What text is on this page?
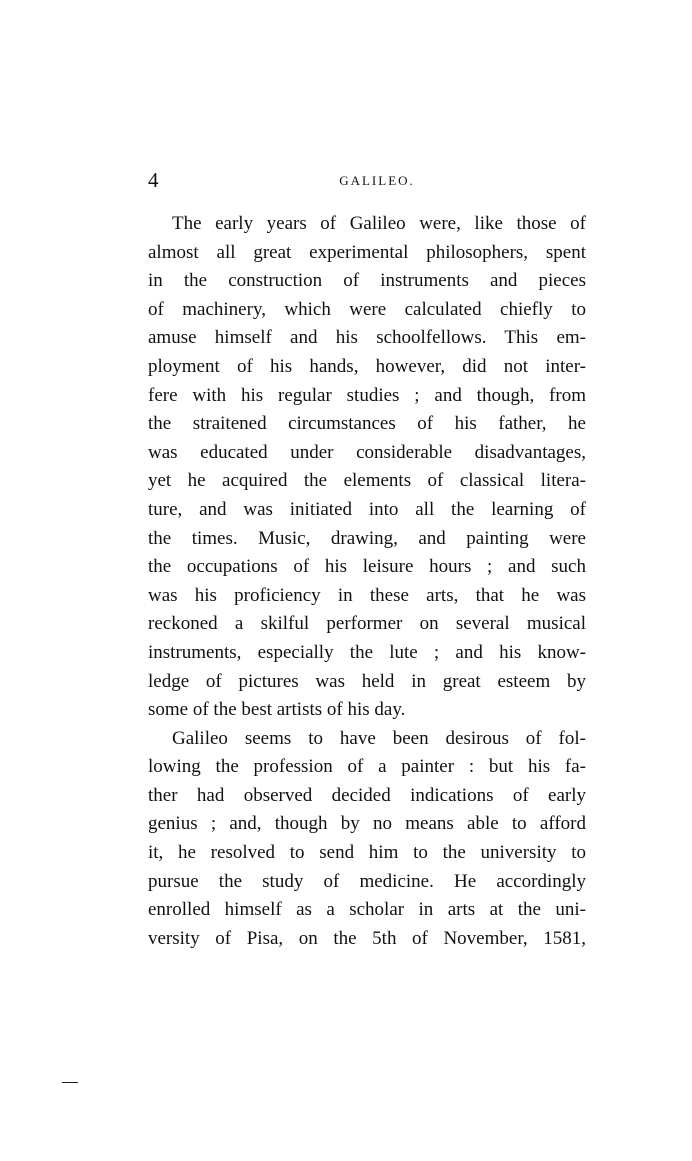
4	GALILEO.
The early years of Galileo were, like those of
almost all great experimental philosophers, spent
in the construction of instruments and pieces
of machinery, which were calculated chiefly to
amuse himself and his schoolfellows. This em-
ployment of his hands, however, did not inter-
fere with his regular studies ; and though, from
the straitened circumstances of his father, he
was educated under considerable disadvantages,
yet he acquired the elements of classical litera-
ture, and was initiated into all the learning of
the times. Music, drawing, and painting were
the occupations of his leisure hours ; and such
was his proficiency in these arts, that he was
reckoned a skilful performer on several musical
instruments, especially the lute ; and his know-
ledge of pictures was held in great esteem by
some of the best artists of his day.
Galileo seems to have been desirous of fol-
lowing the profession of a painter : but his fa-
ther had observed decided indications of early
genius ; and, though by no means able to afford
it, he resolved to send him to the university to
pursue the study of medicine. He accordingly
enrolled himself as a scholar in arts at the uni-
versity of Pisa, on the 5th of November, 1581,
